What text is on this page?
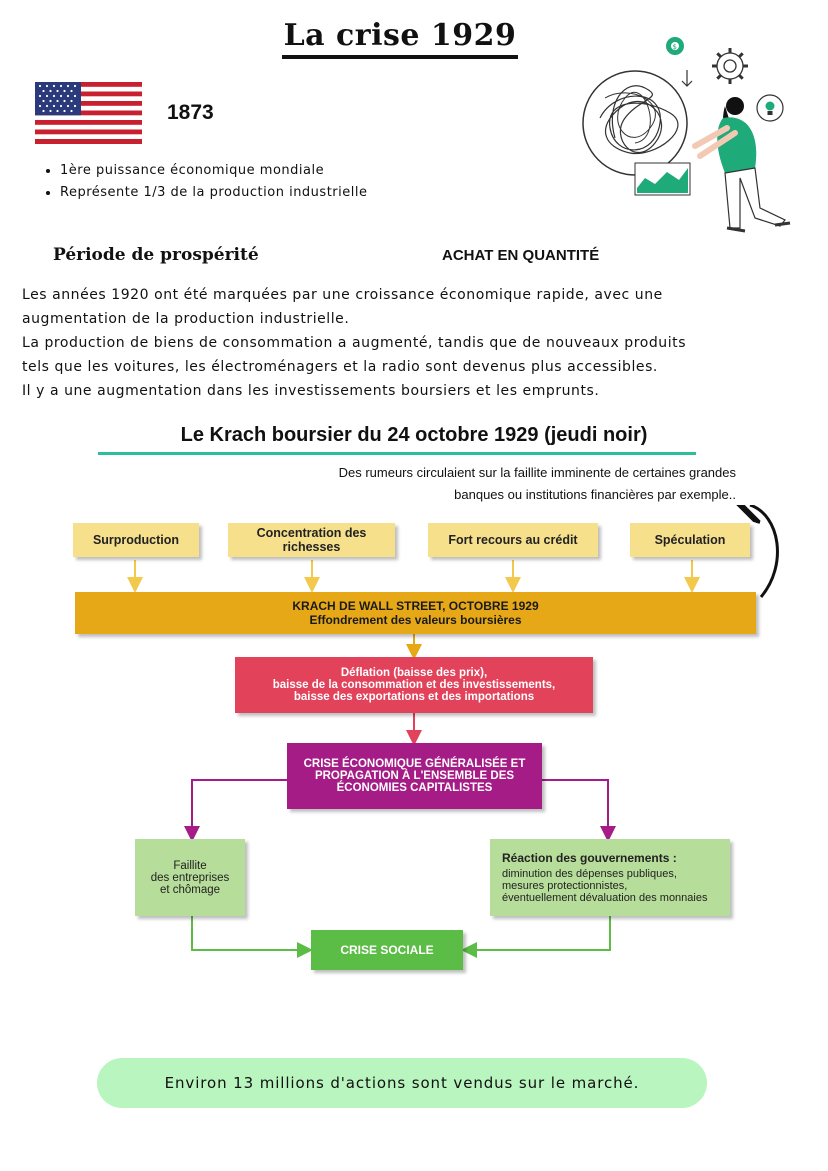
La crise 1929
1873
• 1ère puissance économique mondiale
• Représente 1/3 de la production industrielle
$
Période de prospérité	ACHAT EN QUANTITÉ

Les années 1920 ont été marquées par une croissance économique rapide, avec une

augmentation de la production industrielle.

La production de biens de consommation a augmenté, tandis que de nouveaux produits

tels que les voitures, les électroménagers et la radio sont devenus plus accessibles.

Il y a une augmentation dans les investissements boursiers et les emprunts.

Le Krach boursier du 24 octobre 1929 (jeudi noir)

Des rumeurs circulaient sur la faillite imminente de certaines grandes

banques ou institutions financières par exemple..

Surproduction	Concentration des richesses	Fort recours au crédit	Spéculation
KRACH DE WALL STREET, OCTOBRE 1929
Effondrement des valeurs boursières
Déflation (baisse des prix),
baisse de la consommation et des investissements,
baisse des exportations et des importations
CRISE ÉCONOMIQUE GÉNÉRALISÉE ET
PROPAGATION À L'ENSEMBLE DES
ÉCONOMIES CAPITALISTES
Faillite
des entreprises
et chômage
Réaction des gouvernements :
diminution des dépenses publiques,
mesures protectionnistes,
éventuellement dévaluation des monnaies
CRISE SOCIALE
Environ 13 millions d'actions sont vendus sur le marché.
